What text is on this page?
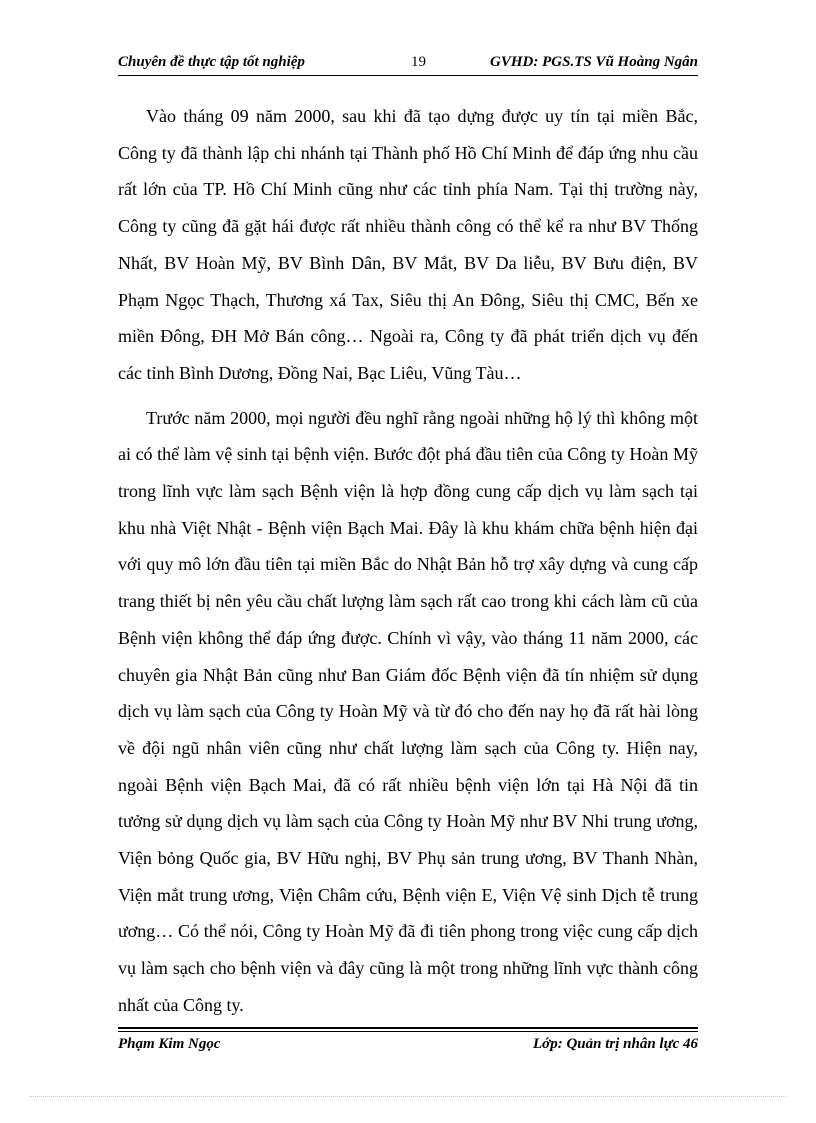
Chuyên đề thực tập tốt nghiệp	19	GVHD: PGS.TS Vũ Hoàng Ngân

Vào tháng 09 năm 2000, sau khi đã tạo dựng được uy tín tại miền Bắc, Công ty đã thành lập chi nhánh tại Thành phố Hồ Chí Minh để đáp ứng nhu cầu rất lớn của TP. Hồ Chí Minh cũng như các tỉnh phía Nam. Tại thị trường này, Công ty cũng đã gặt hái được rất nhiều thành công có thể kể ra như BV Thống Nhất, BV Hoàn Mỹ, BV Bình Dân, BV Mắt, BV Da liễu, BV Bưu điện, BV Phạm Ngọc Thạch, Thương xá Tax, Siêu thị An Đông, Siêu thị CMC, Bến xe miền Đông, ĐH Mở Bán công… Ngoài ra, Công ty đã phát triển dịch vụ đến các tỉnh Bình Dương, Đồng Nai, Bạc Liêu, Vũng Tàu…

Trước năm 2000, mọi người đều nghĩ rằng ngoài những hộ lý thì không một ai có thể làm vệ sinh tại bệnh viện. Bước đột phá đầu tiên của Công ty Hoàn Mỹ trong lĩnh vực làm sạch Bệnh viện là hợp đồng cung cấp dịch vụ làm sạch tại khu nhà Việt Nhật - Bệnh viện Bạch Mai. Đây là khu khám chữa bệnh hiện đại với quy mô lớn đầu tiên tại miền Bắc do Nhật Bản hỗ trợ xây dựng và cung cấp trang thiết bị nên yêu cầu chất lượng làm sạch rất cao trong khi cách làm cũ của Bệnh viện không thể đáp ứng được. Chính vì vậy, vào tháng 11 năm 2000, các chuyên gia Nhật Bản cũng như Ban Giám đốc Bệnh viện đã tín nhiệm sử dụng dịch vụ làm sạch của Công ty Hoàn Mỹ và từ đó cho đến nay họ đã rất hài lòng về đội ngũ nhân viên cũng như chất lượng làm sạch của Công ty. Hiện nay, ngoài Bệnh viện Bạch Mai, đã có rất nhiều bệnh viện lớn tại Hà Nội đã tin tưởng sử dụng dịch vụ làm sạch của Công ty Hoàn Mỹ như BV Nhi trung ương, Viện bỏng Quốc gia, BV Hữu nghị, BV Phụ sản trung ương, BV Thanh Nhàn, Viện mắt trung ương, Viện Châm cứu, Bệnh viện E, Viện Vệ sinh Dịch tễ trung ương… Có thể nói, Công ty Hoàn Mỹ đã đi tiên phong trong việc cung cấp dịch vụ làm sạch cho bệnh viện và đây cũng là một trong những lĩnh vực thành công nhất của Công ty.

Phạm Kim Ngọc	Lớp: Quản trị nhân lực 46
